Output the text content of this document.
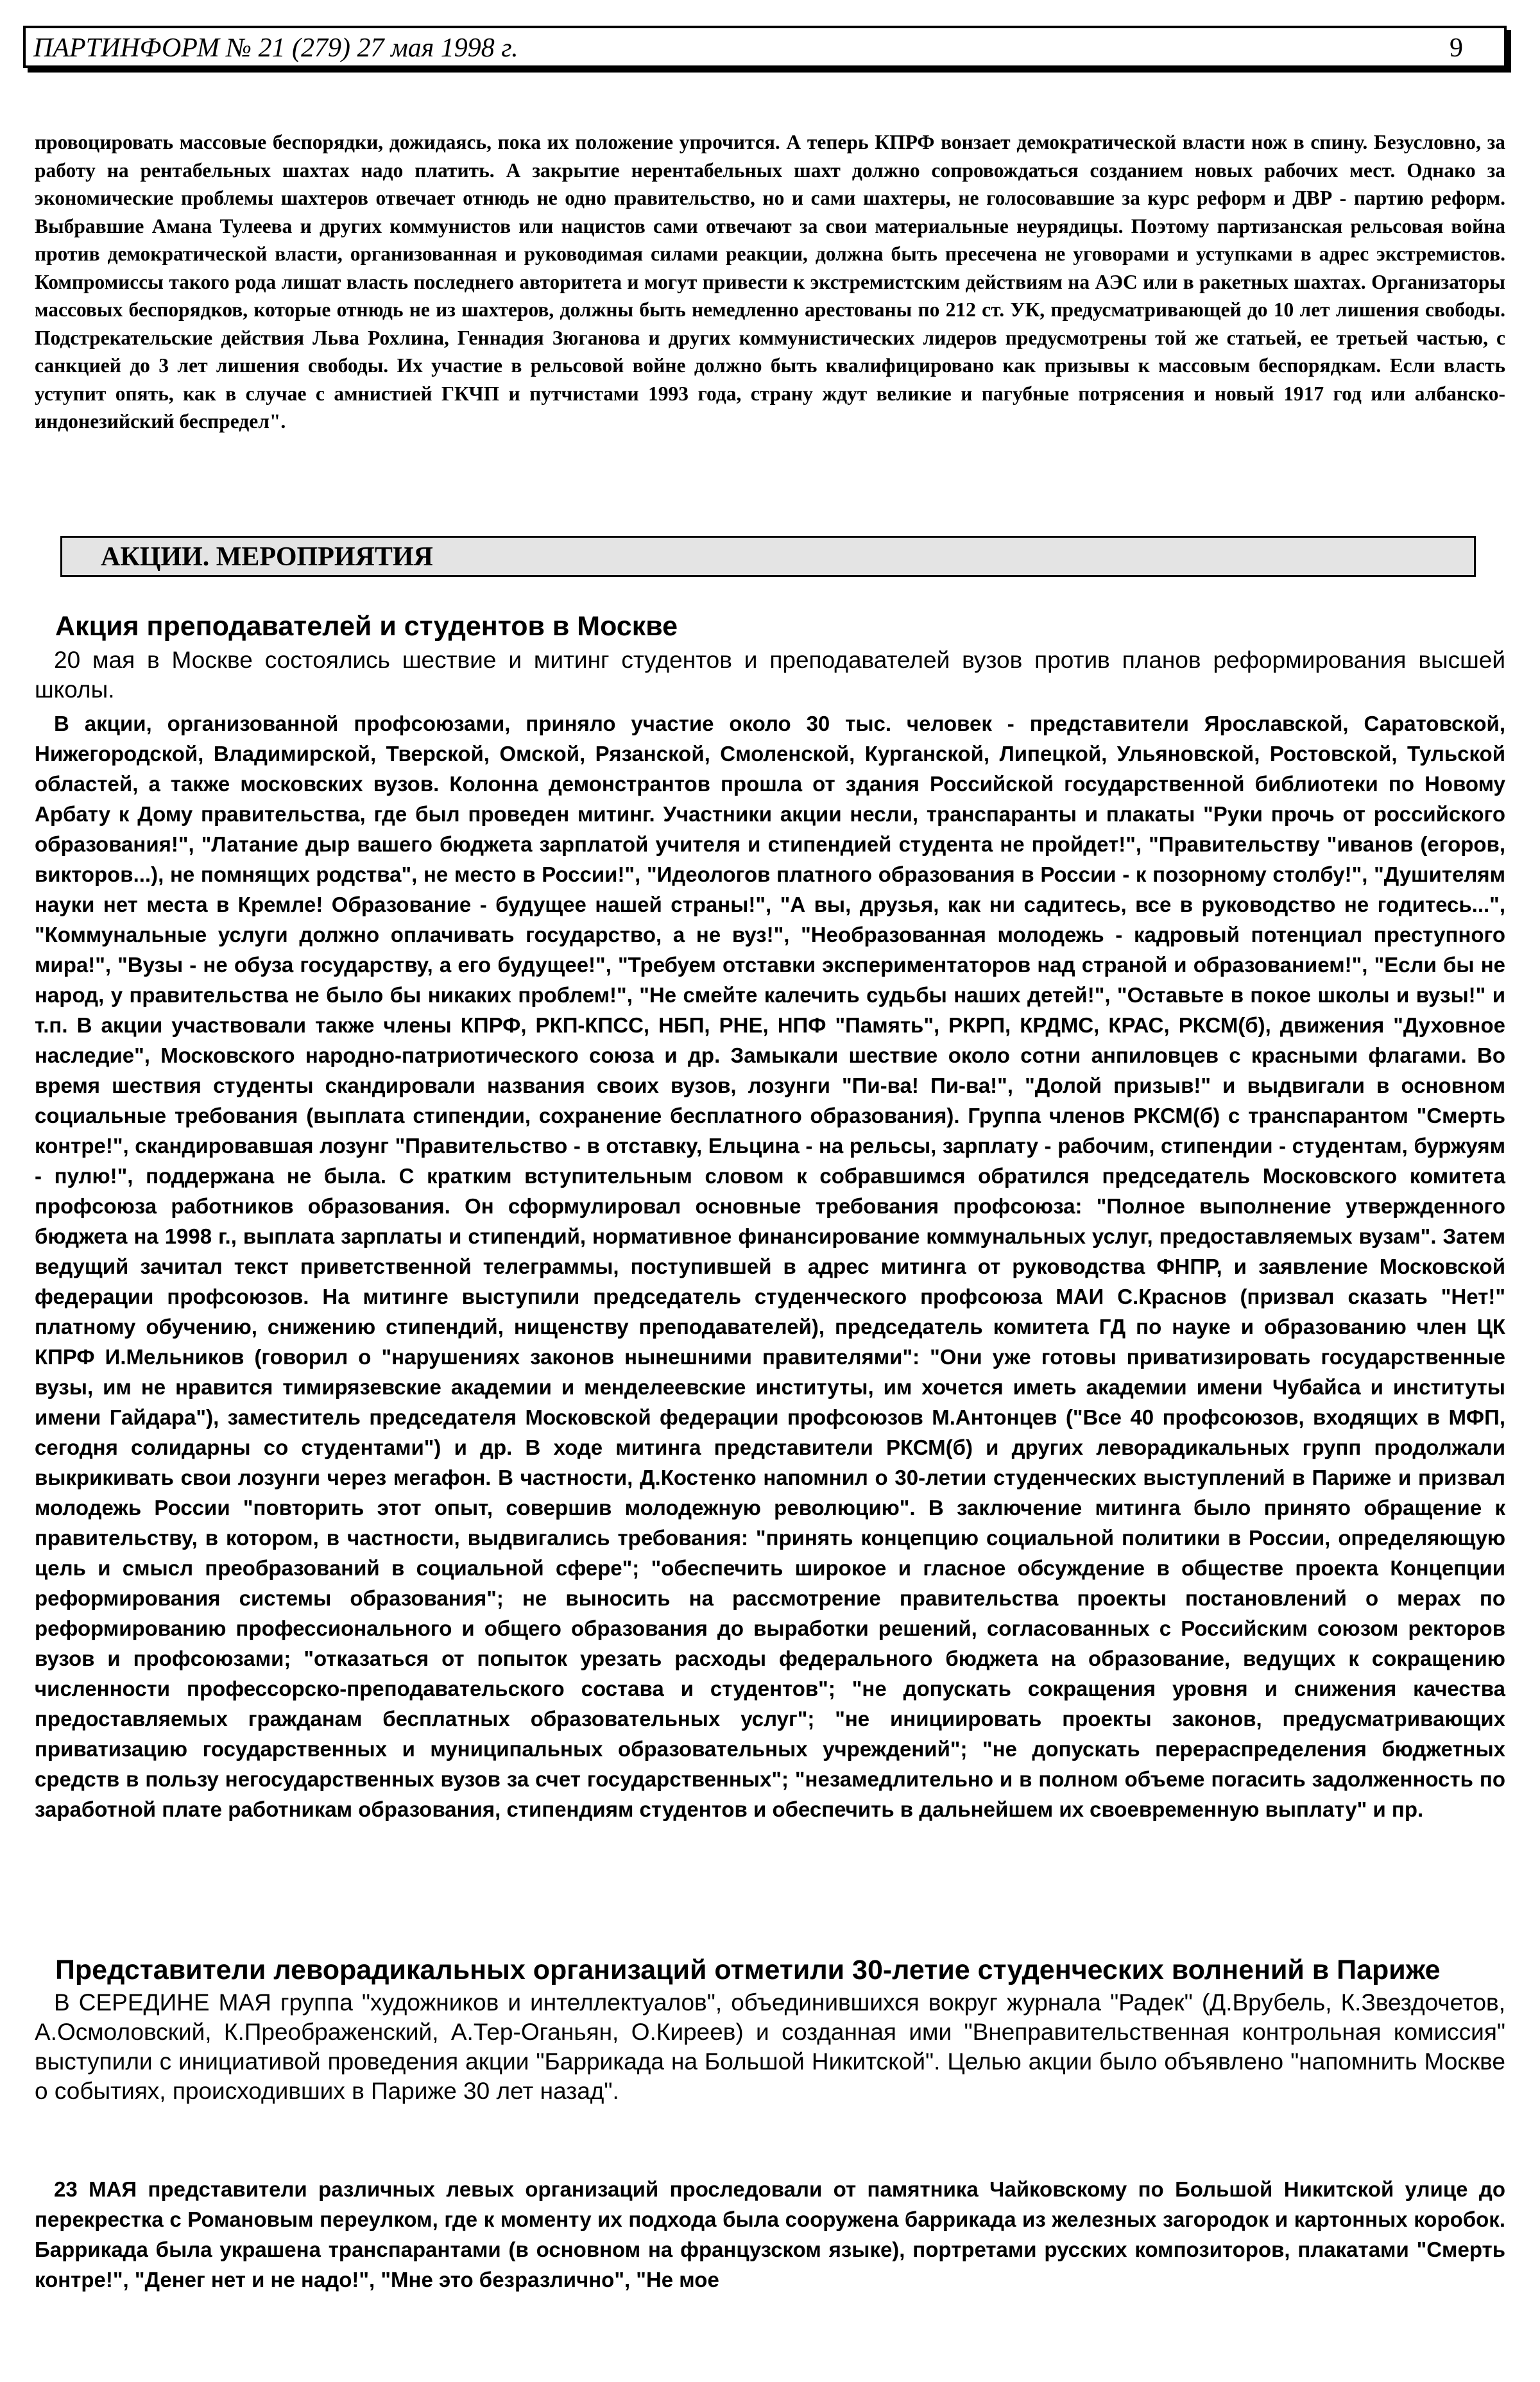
ПАРТИНФОРМ № 21 (279) 27 мая 1998 г.	9
провоцировать массовые беспорядки, дожидаясь, пока их положение упрочится. А теперь КПРФ вонзает демократической власти нож в спину. Безусловно, за работу на рентабельных шахтах надо платить. А закрытие нерентабельных шахт должно сопровождаться созданием новых рабочих мест. Однако за экономические проблемы шахтеров отвечает отнюдь не одно правительство, но и сами шахтеры, не голосовавшие за курс реформ и ДВР - партию реформ. Выбравшие Амана Тулеева и других коммунистов или нацистов сами отвечают за свои материальные неурядицы. Поэтому партизанская рельсовая война против демократической власти, организованная и руководимая силами реакции, должна быть пресечена не уговорами и уступками в адрес экстремистов. Компромиссы такого рода лишат власть последнего авторитета и могут привести к экстремистским действиям на АЭС или в ракетных шахтах. Организаторы массовых беспорядков, которые отнюдь не из шахтеров, должны быть немедленно арестованы по 212 ст. УК, предусматривающей до 10 лет лишения свободы. Подстрекательские действия Льва Рохлина, Геннадия Зюганова и других коммунистических лидеров предусмотрены той же статьей, ее третьей частью, с санкцией до 3 лет лишения свободы. Их участие в рельсовой войне должно быть квалифицировано как призывы к массовым беспорядкам. Если власть уступит опять, как в случае с амнистией ГКЧП и путчистами 1993 года, страну ждут великие и пагубные потрясения и новый 1917 год или албанско-индонезийский беспредел".
АКЦИИ. МЕРОПРИЯТИЯ
Акция преподавателей и студентов в Москве
20 мая в Москве состоялись шествие и митинг студентов и преподавателей вузов против планов реформирования высшей школы.
В акции, организованной профсоюзами, приняло участие около 30 тыс. человек - представители Ярославской, Саратовской, Нижегородской, Владимирской, Тверской, Омской, Рязанской, Смоленской, Курганской, Липецкой, Ульяновской, Ростовской, Тульской областей, а также московских вузов. Колонна демонстрантов прошла от здания Российской государственной библиотеки по Новому Арбату к Дому правительства, где был проведен митинг. Участники акции несли, транспаранты и плакаты "Руки прочь от российского образования!", "Латание дыр вашего бюджета зарплатой учителя и стипендией студента не пройдет!", "Правительству "иванов (егоров, викторов...), не помнящих родства", не место в России!", "Идеологов платного образования в России - к позорному столбу!", "Душителям науки нет места в Кремле! Образование - будущее нашей страны!", "А вы, друзья, как ни садитесь, все в руководство не годитесь...", "Коммунальные услуги должно оплачивать государство, а не вуз!", "Необразованная молодежь - кадровый потенциал преступного мира!", "Вузы - не обуза государству, а его будущее!", "Требуем отставки экспериментаторов над страной и образованием!", "Если бы не народ, у правительства не было бы никаких проблем!", "Не смейте калечить судьбы наших детей!", "Оставьте в покое школы и вузы!" и т.п. В акции участвовали также члены КПРФ, РКП-КПСС, НБП, РНЕ, НПФ "Память", РКРП, КРДМС, КРАС, РКСМ(б), движения "Духовное наследие", Московского народно-патриотического союза и др. Замыкали шествие около сотни анпиловцев с красными флагами. Во время шествия студенты скандировали названия своих вузов, лозунги "Пи-ва! Пи-ва!", "Долой призыв!" и выдвигали в основном социальные требования (выплата стипендии, сохранение бесплатного образования). Группа членов РКСМ(б) с транспарантом "Смерть контре!", скандировавшая лозунг "Правительство - в отставку, Ельцина - на рельсы, зарплату - рабочим, стипендии - студентам, буржуям - пулю!", поддержана не была. С кратким вступительным словом к собравшимся обратился председатель Московского комитета профсоюза работников образования. Он сформулировал основные требования профсоюза: "Полное выполнение утвержденного бюджета на 1998 г., выплата зарплаты и стипендий, нормативное финансирование коммунальных услуг, предоставляемых вузам". Затем ведущий зачитал текст приветственной телеграммы, поступившей в адрес митинга от руководства ФНПР, и заявление Московской федерации профсоюзов. На митинге выступили председатель студенческого профсоюза МАИ С.Краснов (призвал сказать "Нет!" платному обучению, снижению стипендий, нищенству преподавателей), председатель комитета ГД по науке и образованию член ЦК КПРФ И.Мельников (говорил о "нарушениях законов нынешними правителями": "Они уже готовы приватизировать государственные вузы, им не нравится тимирязевские академии и менделеевские институты, им хочется иметь академии имени Чубайса и институты имени Гайдара"), заместитель председателя Московской федерации профсоюзов М.Антонцев ("Все 40 профсоюзов, входящих в МФП, сегодня солидарны со студентами") и др. В ходе митинга представители РКСМ(б) и других леворадикальных групп продолжали выкрикивать свои лозунги через мегафон. В частности, Д.Костенко напомнил о 30-летии студенческих выступлений в Париже и призвал молодежь России "повторить этот опыт, совершив молодежную революцию". В заключение митинга было принято обращение к правительству, в котором, в частности, выдвигались требования: "принять концепцию социальной политики в России, определяющую цель и смысл преобразований в социальной сфере"; "обеспечить широкое и гласное обсуждение в обществе проекта Концепции реформирования системы образования"; не выносить на рассмотрение правительства проекты постановлений о мерах по реформированию профессионального и общего образования до выработки решений, согласованных с Российским союзом ректоров вузов и профсоюзами; "отказаться от попыток урезать расходы федерального бюджета на образование, ведущих к сокращению численности профессорско-преподавательского состава и студентов"; "не допускать сокращения уровня и снижения качества предоставляемых гражданам бесплатных образовательных услуг"; "не инициировать проекты законов, предусматривающих приватизацию государственных и муниципальных образовательных учреждений"; "не допускать перераспределения бюджетных средств в пользу негосударственных вузов за счет государственных"; "незамедлительно и в полном объеме погасить задолженность по заработной плате работникам образования, стипендиям студентов и обеспечить в дальнейшем их своевременную выплату" и пр.
Представители леворадикальных организаций отметили 30-летие студенческих волнений в Париже
В СЕРЕДИНЕ МАЯ группа "художников и интеллектуалов", объединившихся вокруг журнала "Радек" (Д.Врубель, К.Звездочетов, А.Осмоловский, К.Преображенский, А.Тер-Оганьян, О.Киреев) и созданная ими "Внеправительственная контрольная комиссия" выступили с инициативой проведения акции "Баррикада на Большой Никитской". Целью акции было объявлено "напомнить Москве о событиях, происходивших в Париже 30 лет назад".
23 МАЯ представители различных левых организаций проследовали от памятника Чайковскому по Большой Никитской улице до перекрестка с Романовым переулком, где к моменту их подхода была сооружена баррикада из железных загородок и картонных коробок. Баррикада была украшена транспарантами (в основном на французском языке), портретами русских композиторов, плакатами "Смерть контре!", "Денег нет и не надо!", "Мне это безразлично", "Не мое
